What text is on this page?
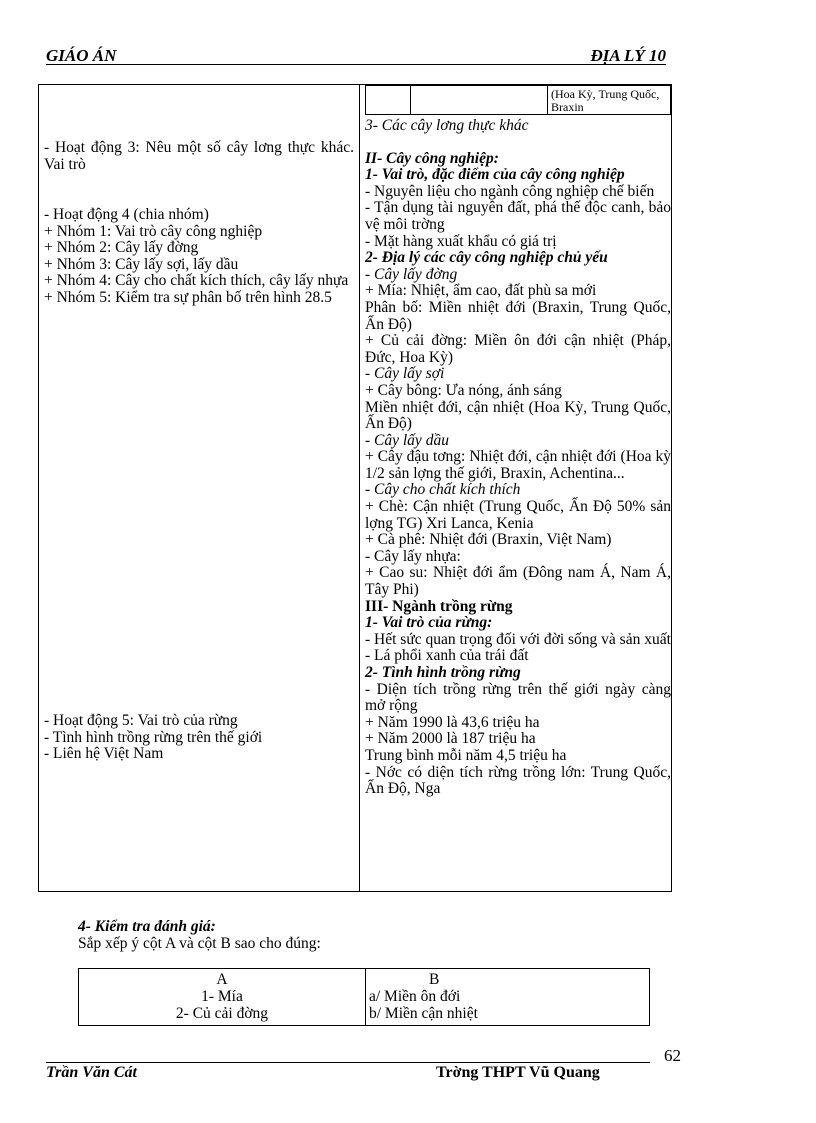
GIÁO ÁN	ĐỊA LÝ 10
(Hoa Kỳ, Trung Quốc, Braxin
- Hoạt động 3: Nêu một số cây lơng thực khác. Vai trò
- Hoạt động 4 (chia nhóm)
+ Nhóm 1: Vai trò cây công nghiệp
+ Nhóm 2: Cây lấy đờng
+ Nhóm 3: Cây lấy sợi, lấy dầu
+ Nhóm 4: Cây cho chất kích thích, cây lấy nhựa
+ Nhóm 5: Kiểm tra sự phân bố trên hình 28.5
- Hoạt động 5: Vai trò của rừng
- Tình hình trồng rừng trên thế giới
- Liên hệ Việt Nam
3- Các cây lơng thực khác
II- Cây công nghiệp:
1- Vai trò, đặc điểm của cây công nghiệp
- Nguyên liệu cho ngành công nghiệp chế biến
- Tận dụng tài nguyên đất, phá thế độc canh, bảo vệ môi trờng
- Mặt hàng xuất khẩu có giá trị
2- Địa lý các cây công nghiệp chủ yếu
- Cây lấy đờng
+ Mía: Nhiệt, ẩm cao, đất phù sa mới
Phân bố: Miền nhiệt đới (Braxin, Trung Quốc, Ấn Độ)
+ Củ cải đờng: Miền ôn đới cận nhiệt (Pháp, Đức, Hoa Kỳ)
- Cây lấy sợi
+ Cây bông: Ưa nóng, ánh sáng
Miền nhiệt đới, cận nhiệt (Hoa Kỳ, Trung Quốc, Ấn Độ)
- Cây lấy dầu
+ Cây đậu tơng: Nhiệt đới, cận nhiệt đới (Hoa kỳ 1/2 sản lợng thế giới, Braxin, Achentina...
- Cây cho chất kích thích
+ Chè: Cận nhiệt (Trung Quốc, Ấn Độ 50% sản lợng TG) Xri Lanca, Kenia
+ Cà phê: Nhiệt đới (Braxin, Việt Nam)
- Cây lấy nhựa:
+ Cao su: Nhiệt đới ẩm (Đông nam Á, Nam Á, Tây Phi)
III- Ngành trồng rừng
1- Vai trò của rừng:
- Hết sức quan trọng đối với đời sống và sản xuất
- Lá phổi xanh của trái đất
2- Tình hình trồng rừng
- Diện tích trồng rừng trên thế giới ngày càng mở rộng
+ Năm 1990 là 43,6 triệu ha
+ Năm 2000 là 187 triệu ha
Trung bình mỗi năm 4,5 triệu ha
- Nớc có diện tích rừng trồng lớn: Trung Quốc, Ấn Độ, Nga
4- Kiểm tra đánh giá:
Sắp xếp ý cột A và cột B sao cho đúng:
A
1- Mía
2- Củ cải đờng
B
a/ Miền ôn đới
b/ Miền cận nhiệt
62
Trần Văn Cát	Trờng THPT Vũ Quang
